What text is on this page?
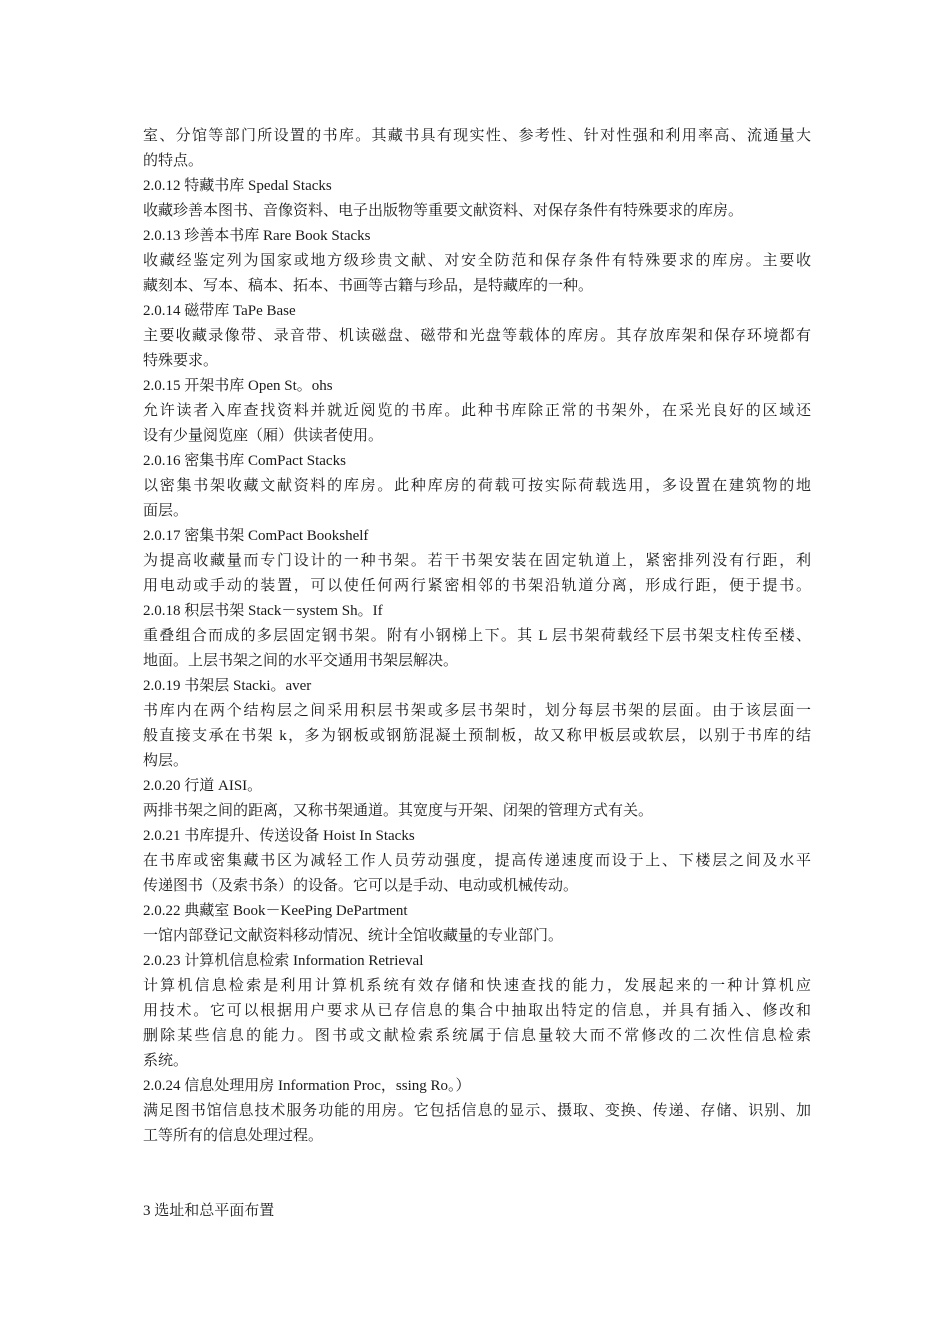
室、分馆等部门所设置的书库。其藏书具有现实性、参考性、针对性强和利用率高、流通量大
的特点。
2.0.12 特藏书库 Spedal Stacks
收藏珍善本图书、音像资料、电子出版物等重要文献资料、对保存条件有特殊要求的库房。
2.0.13 珍善本书库 Rare Book Stacks
收藏经鉴定列为国家或地方级珍贵文献、对安全防范和保存条件有特殊要求的库房。主要收
藏刻本、写本、稿本、拓本、书画等古籍与珍品，是特藏库的一种。
2.0.14 磁带库 TaPe Base
主要收藏录像带、录音带、机读磁盘、磁带和光盘等载体的库房。其存放库架和保存环境都有
特殊要求。
2.0.15 开架书库 Open St。ohs
允许读者入库查找资料并就近阅览的书库。此种书库除正常的书架外，在采光良好的区域还
设有少量阅览座（厢）供读者使用。
2.0.16 密集书库 ComPact Stacks
以密集书架收藏文献资料的库房。此种库房的荷载可按实际荷载选用，多设置在建筑物的地
面层。
2.0.17 密集书架 ComPact Bookshelf
为提高收藏量而专门设计的一种书架。若干书架安装在固定轨道上，紧密排列没有行距，利
用电动或手动的装置，可以使任何两行紧密相邻的书架沿轨道分离，形成行距，便于提书。
2.0.18 积层书架 Stack－system Sh。If
重叠组合而成的多层固定钢书架。附有小钢梯上下。其 L 层书架荷载经下层书架支柱传至楼、
地面。上层书架之间的水平交通用书架层解决。
2.0.19 书架层 Stacki。aver
书库内在两个结构层之间采用积层书架或多层书架时，划分每层书架的层面。由于该层面一
般直接支承在书架 k，多为钢板或钢筋混凝土预制板，故又称甲板层或软层，以别于书库的结
构层。
2.0.20 行道 AISI。
两排书架之间的距离，又称书架通道。其宽度与开架、闭架的管理方式有关。
2.0.21 书库提升、传送设备 Hoist In Stacks
在书库或密集藏书区为减轻工作人员劳动强度，提高传递速度而设于上、下楼层之间及水平
传递图书（及索书条）的设备。它可以是手动、电动或机械传动。
2.0.22 典藏室 Book－KeePing DePartment
一馆内部登记文献资料移动情况、统计全馆收藏量的专业部门。
2.0.23 计算机信息检索 Information Retrieval
计算机信息检索是利用计算机系统有效存储和快速查找的能力，发展起来的一种计算机应
用技术。它可以根据用户要求从已存信息的集合中抽取出特定的信息，并具有插入、修改和
删除某些信息的能力。图书或文献检索系统属于信息量较大而不常修改的二次性信息检索
系统。
2.0.24 信息处理用房 Information Proc，ssing Ro。）
满足图书馆信息技术服务功能的用房。它包括信息的显示、摄取、变换、传递、存储、识别、加
工等所有的信息处理过程。
3 选址和总平面布置
